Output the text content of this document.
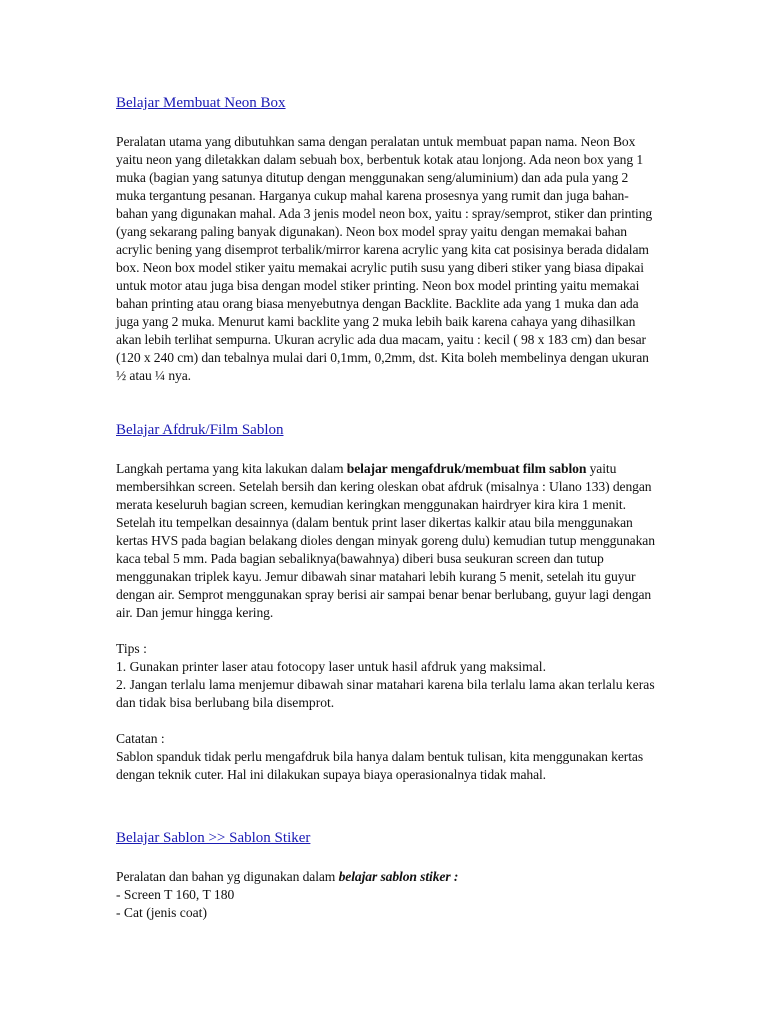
Belajar Membuat Neon Box

Peralatan utama yang dibutuhkan sama dengan peralatan untuk membuat papan nama. Neon Box yaitu neon yang diletakkan dalam sebuah box, berbentuk kotak atau lonjong. Ada neon box yang 1 muka (bagian yang satunya ditutup dengan menggunakan seng/aluminium) dan ada pula yang 2 muka tergantung pesanan. Harganya cukup mahal karena prosesnya yang rumit dan juga bahan-bahan yang digunakan mahal. Ada 3 jenis model neon box, yaitu : spray/semprot, stiker dan printing (yang sekarang paling banyak digunakan). Neon box model spray yaitu dengan memakai bahan acrylic bening yang disemprot terbalik/mirror karena acrylic yang kita cat posisinya berada didalam box. Neon box model stiker yaitu memakai acrylic putih susu yang diberi stiker yang biasa dipakai untuk motor atau juga bisa dengan model stiker printing. Neon box model printing yaitu memakai bahan printing atau orang biasa menyebutnya dengan Backlite. Backlite ada yang 1 muka dan ada juga yang 2 muka. Menurut kami backlite yang 2 muka lebih baik karena cahaya yang dihasilkan akan lebih terlihat sempurna. Ukuran acrylic ada dua macam, yaitu : kecil ( 98 x 183 cm) dan besar (120 x 240 cm) dan tebalnya mulai dari 0,1mm, 0,2mm, dst. Kita boleh membelinya dengan ukuran ½ atau ¼ nya.

Belajar Afdruk/Film Sablon

Langkah pertama yang kita lakukan dalam belajar mengafdruk/membuat film sablon yaitu membersihkan screen. Setelah bersih dan kering oleskan obat afdruk (misalnya : Ulano 133) dengan merata keseluruh bagian screen, kemudian keringkan menggunakan hairdryer kira kira 1 menit. Setelah itu tempelkan desainnya (dalam bentuk print laser dikertas kalkir atau bila menggunakan kertas HVS pada bagian belakang dioles dengan minyak goreng dulu) kemudian tutup menggunakan kaca tebal 5 mm. Pada bagian sebaliknya(bawahnya) diberi busa seukuran screen dan tutup menggunakan triplek kayu. Jemur dibawah sinar matahari lebih kurang 5 menit, setelah itu guyur dengan air. Semprot menggunakan spray berisi air sampai benar benar berlubang, guyur lagi dengan air. Dan jemur hingga kering.

Tips :

1. Gunakan printer laser atau fotocopy laser untuk hasil afdruk yang maksimal.

2. Jangan terlalu lama menjemur dibawah sinar matahari karena bila terlalu lama akan terlalu keras dan tidak bisa berlubang bila disemprot.

Catatan :

Sablon spanduk tidak perlu mengafdruk bila hanya dalam bentuk tulisan, kita menggunakan kertas dengan teknik cuter. Hal ini dilakukan supaya biaya operasionalnya tidak mahal.

Belajar Sablon >> Sablon Stiker

Peralatan dan bahan yg digunakan dalam belajar sablon stiker :

- Screen T 160, T 180

- Cat (jenis coat)
